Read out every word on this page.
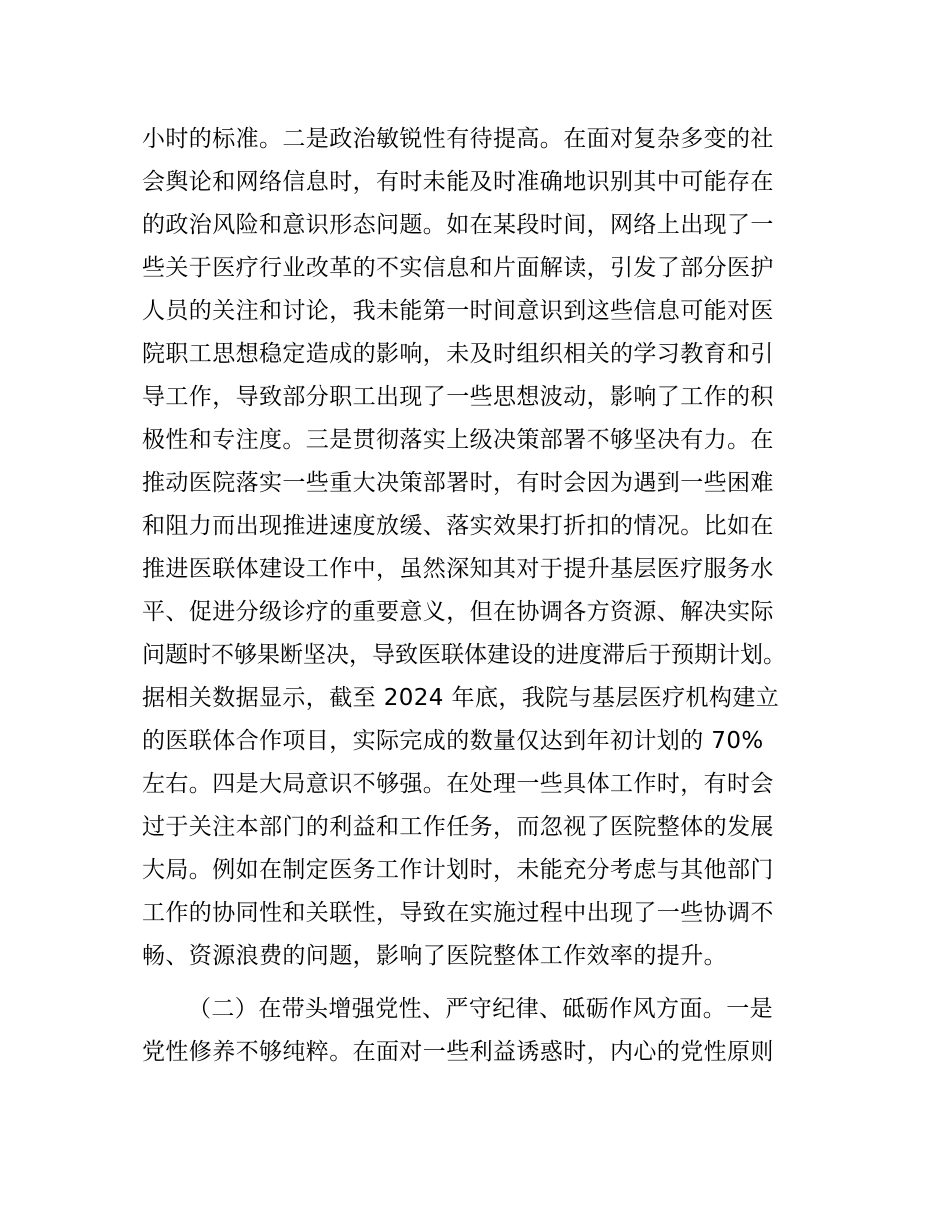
小时的标准。二是政治敏锐性有待提高。在面对复杂多变的社
会舆论和网络信息时，有时未能及时准确地识别其中可能存在
的政治风险和意识形态问题。如在某段时间，网络上出现了一
些关于医疗行业改革的不实信息和片面解读，引发了部分医护
人员的关注和讨论，我未能第一时间意识到这些信息可能对医
院职工思想稳定造成的影响，未及时组织相关的学习教育和引
导工作，导致部分职工出现了一些思想波动，影响了工作的积
极性和专注度。三是贯彻落实上级决策部署不够坚决有力。在
推动医院落实一些重大决策部署时，有时会因为遇到一些困难
和阻力而出现推进速度放缓、落实效果打折扣的情况。比如在
推进医联体建设工作中，虽然深知其对于提升基层医疗服务水
平、促进分级诊疗的重要意义，但在协调各方资源、解决实际
问题时不够果断坚决，导致医联体建设的进度滞后于预期计划。
据相关数据显示，截至 2024 年底，我院与基层医疗机构建立
的医联体合作项目，实际完成的数量仅达到年初计划的 70%
左右。四是大局意识不够强。在处理一些具体工作时，有时会
过于关注本部门的利益和工作任务，而忽视了医院整体的发展
大局。例如在制定医务工作计划时，未能充分考虑与其他部门
工作的协同性和关联性，导致在实施过程中出现了一些协调不
畅、资源浪费的问题，影响了医院整体工作效率的提升。
（二）在带头增强党性、严守纪律、砥砺作风方面。一是
党性修养不够纯粹。在面对一些利益诱惑时，内心的党性原则
